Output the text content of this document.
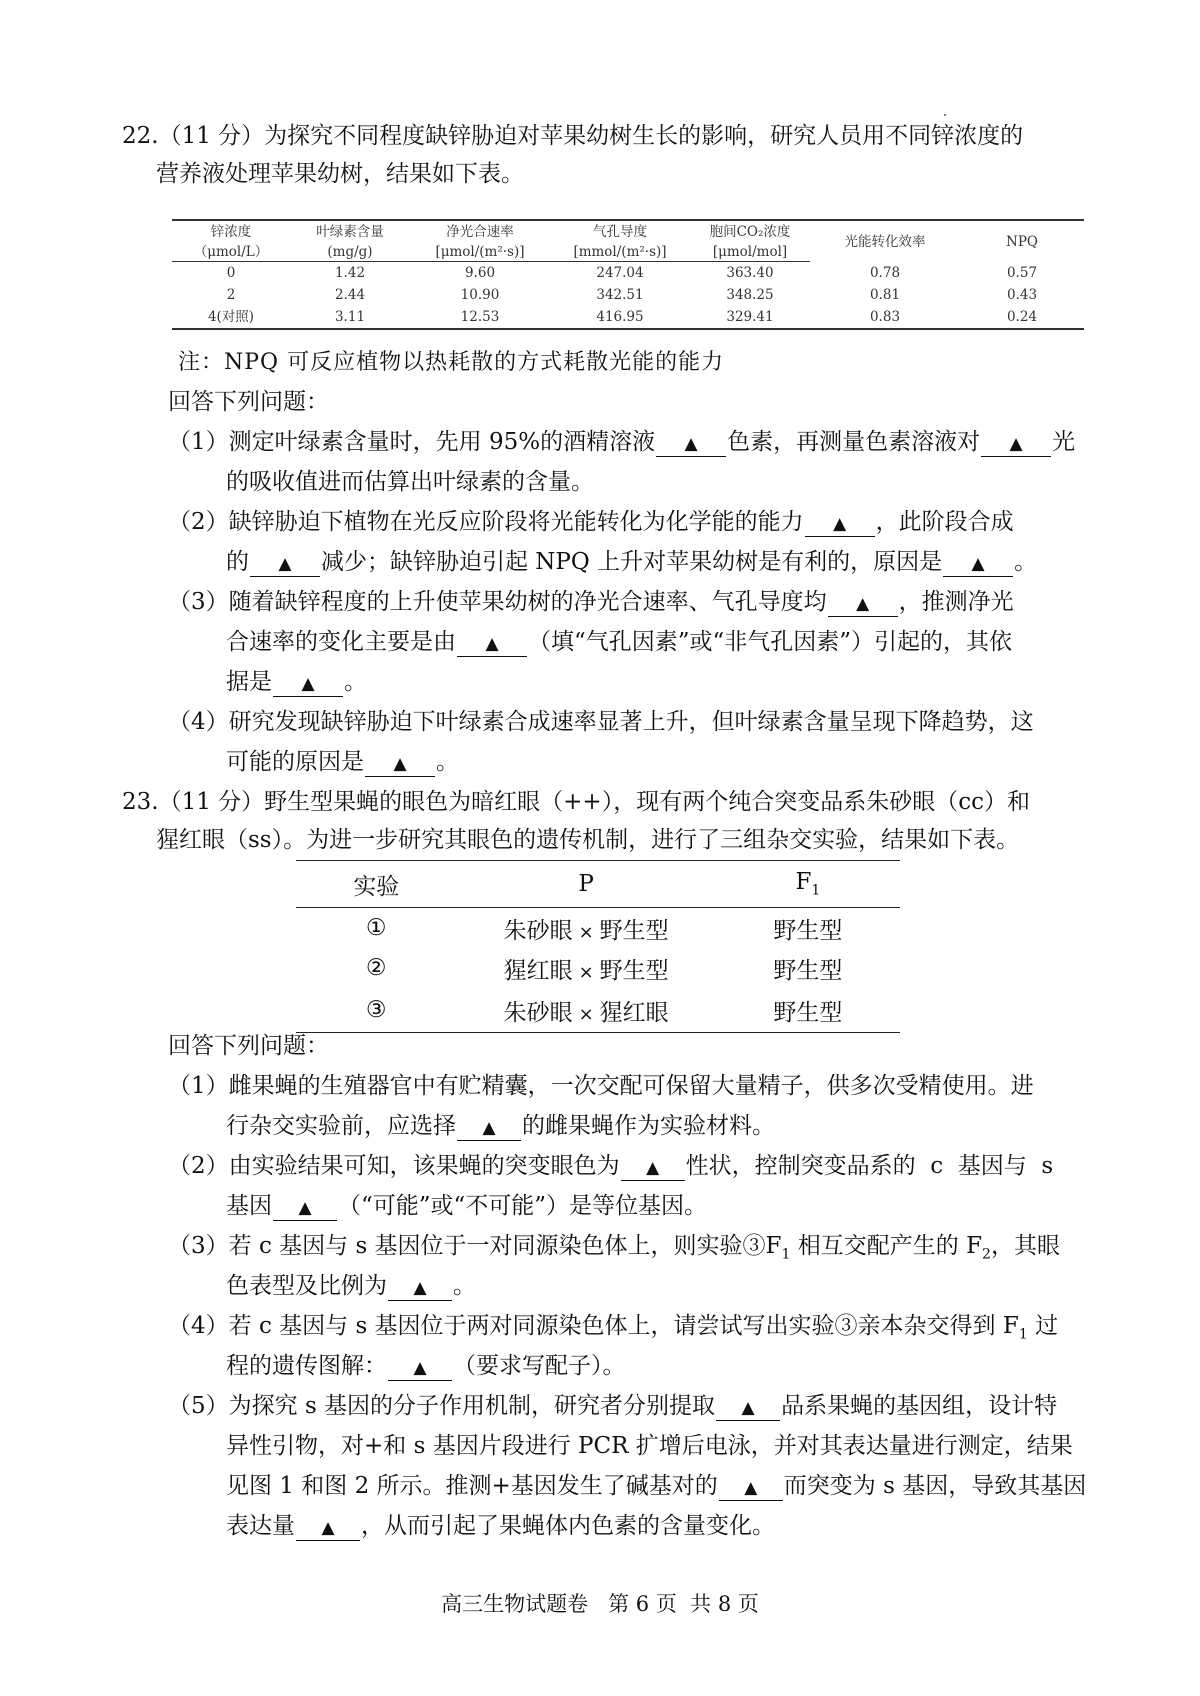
22.（11 分）为探究不同程度缺锌胁迫对苹果幼树生长的影响，研究人员用不同锌浓度的
营养液处理苹果幼树，结果如下表。
锌浓度	叶绿素含量	净光合速率	气孔导度	胞间CO₂浓度	光能转化效率	NPQ
（μmol/L）	(mg/g)	[μmol/(m²·s)]	[mmol/(m²·s)]	[μmol/mol]		
0	1.42	9.60	247.04	363.40	0.78	0.57
2	2.44	10.90	342.51	348.25	0.81	0.43
4(对照)	3.11	12.53	416.95	329.41	0.83	0.24
注：NPQ 可反应植物以热耗散的方式耗散光能的能力
回答下列问题：
（1）测定叶绿素含量时，先用 95%的酒精溶液 ▲ 色素，再测量色素溶液对 ▲ 光
的吸收值进而估算出叶绿素的含量。
（2）缺锌胁迫下植物在光反应阶段将光能转化为化学能的能力 ▲ ，此阶段合成
的 ▲ 减少；缺锌胁迫引起 NPQ 上升对苹果幼树是有利的，原因是 ▲ 。
（3）随着缺锌程度的上升使苹果幼树的净光合速率、气孔导度均 ▲ ，推测净光
合速率的变化主要是由 ▲ （填“气孔因素”或“非气孔因素”）引起的，其依
据是 ▲ 。
（4）研究发现缺锌胁迫下叶绿素合成速率显著上升，但叶绿素含量呈现下降趋势，这
可能的原因是 ▲ 。
23.（11 分）野生型果蝇的眼色为暗红眼（++），现有两个纯合突变品系朱砂眼（cc）和
猩红眼（ss）。为进一步研究其眼色的遗传机制，进行了三组杂交实验，结果如下表。
实验	P	$F_1$
①	朱砂眼 × 野生型	野生型
②	猩红眼 × 野生型	野生型
③	朱砂眼 × 猩红眼	野生型
回答下列问题：
（1）雌果蝇的生殖器官中有贮精囊，一次交配可保留大量精子，供多次受精使用。进
行杂交实验前，应选择 ▲ 的雌果蝇作为实验材料。
（2）由实验结果可知，该果蝇的突变眼色为 ▲ 性状，控制突变品系的  c  基因与  s
基因 ▲ （“可能”或“不可能”）是等位基因。
（3）若 c 基因与 s 基因位于一对同源染色体上，则实验$③F_1$ 相互交配产生的 $F_2$，其眼
色表型及比例为 ▲ 。
（4）若 c 基因与 s 基因位于两对同源染色体上，请尝试写出实验③亲本杂交得到 $F_1$ 过
程的遗传图解： ▲ （要求写配子）。
（5）为探究 s 基因的分子作用机制，研究者分别提取 ▲ 品系果蝇的基因组，设计特
异性引物，对+和 s 基因片段进行 PCR 扩增后电泳，并对其表达量进行测定，结果
见图 1 和图 2 所示。推测+基因发生了碱基对的 ▲ 而突变为 s 基因，导致其基因
表达量 ▲ ，从而引起了果蝇体内色素的含量变化。
高三生物试题卷   第 6 页  共 8 页
